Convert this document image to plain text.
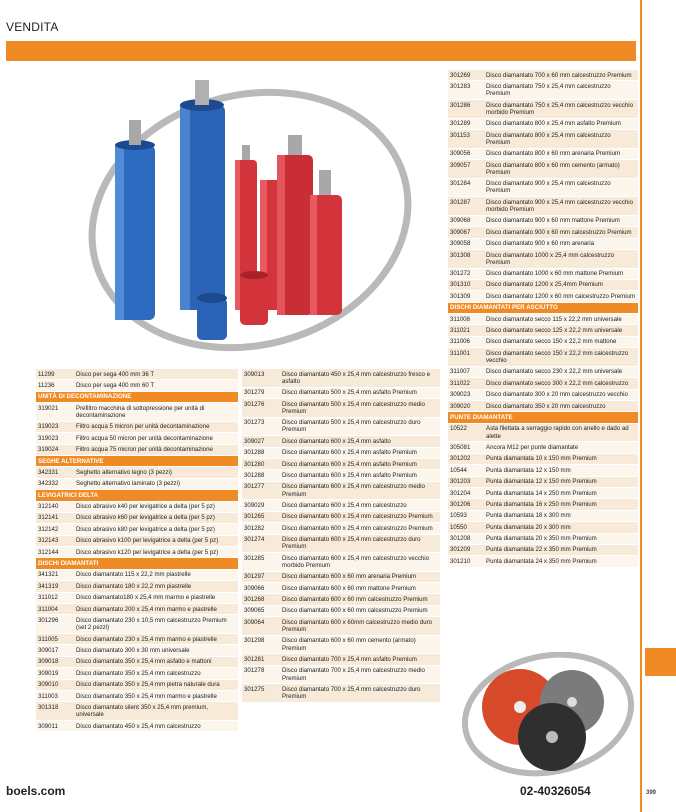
VENDITA
11299	Disco per sega 400 mm 36 T
11236	Disco per sega 400 mm 60 T
UNITÀ DI DECONTAMINAZIONE
319021	Prefiltro macchina di sottopressione per unità di decontaminazione
319023	Filtro acqua 5 micron per unità decontaminazione
319023	Filtro acqua 50 micron per unità decontaminazione
319024	Filtro acqua 75 micron per unità decontaminazione
SEGHE ALTERNATIVE
342331	Seghetto alternativo legno (3 pezzi)
342332	Seghetto alternativo laminato (3 pezzi)
LEVIGATRICI DELTA
312140	Disco abrasivo k40 per levigatrice a delta (per 5 pz)
312141	Disco abrasivo k60 per levigatrice a delta (per 5 pz)
312142	Disco abrasivo k80 per levigatrice a delta (per 5 pz)
312143	Disco abrasivo k100 per levigatrice a delta (per 5 pz)
312144	Disco abrasivo k120 per levigatrice a delta (per 5 pz)
DISCHI DIAMANTATI
341321	Disco diamantato 115 x 22,2 mm piastrelle
341319	Disco diamantato 180 x 22,2 mm piastrelle
311012	Disco diamantato180 x 25,4 mm marmo e piastrelle
311004	Disco diamantato 200 x 25,4 mm marmo e piastrelle
301296	Disco diamantato 230 x 10,5 mm calcestruzzo Premium (set 2 pezzi)
311005	Disco diamantato 230 x 25,4 mm marmo e piastrelle
309017	Disco diamantato 300 x 30 mm universale
309018	Disco diamantato 350 x 25,4 mm asfalto e mattoni
309019	Disco diamantato 350 x 25,4 mm calcestruzzo
309010	Disco diamantato 350 x 25,4 mm pietra naturale dura
311003	Disco diamantato 350 x 25,4 mm marmo e piastrelle
301318	Disco diamantato silent 350 x 25,4 mm premium, universale
309011	Disco diamantato 450 x 25,4 mm calcestruzzo
309013	Disco diamantato 450 x 25,4 mm calcestruzzo fresco e asfalto
301279	Disco diamantato 500 x 25,4 mm asfalto Premium
301276	Disco diamantato 500 x 25,4 mm calcestruzzo medio Premium
301273	Disco diamantato 500 x 25,4 mm calcestruzzo duro Premium
309027	Disco diamantato 600 x 25,4 mm asfalto
301288	Disco diamantato 600 x 25,4 mm asfalto Premium
301280	Disco diamantato 600 x 25,4 mm asfalto Premium
301288	Disco diamantato 600 x 25,4 mm asfalto Premium
301277	Disco diamantato 600 x 25,4 mm calcestruzzo medio Premium
309029	Disco diamantato 600 x 25,4 mm calcestruzzo
301265	Disco diamantato 600 x 25,4 mm calcestruzzo Premium
301282	Disco diamantato 600 x 25,4 mm calcestruzzo Premium
301274	Disco diamantato 600 x 25,4 mm calcestruzzo duro Premium
301285	Disco diamantato 600 x 25,4 mm calcestruzzo vecchio morbido Premium
301297	Disco diamantato 600 x 60 mm arenaria Premium
309066	Disco diamantato 600 x 60 mm mattone Premium
301268	Disco diamantato 600 x 60 mm calcestruzzo Premium
309065	Disco diamantato 600 x 60 mm calcestruzzo Premium
309064	Disco diamantato 600 x 60mm calcestruzzo medio duro Premium
301298	Disco diamantato 600 x 60 mm cemento (armato) Premium
301281	Disco diamantato 700 x 25,4 mm asfalto Premium
301278	Disco diamantato 700 x 25,4 mm calcestruzzo medio Premium
301275	Disco diamantato 700 x 25,4 mm calcestruzzo duro Premium
301269	Disco diamantato 700 x 60 mm calcestruzzo Premium
301283	Disco diamantato 750 x 25,4 mm calcestruzzo Premium
301286	Disco diamantato 750 x 25,4 mm calcestruzzo vecchio morbido Premium
301289	Disco diamantato 800 x 25,4 mm asfalto Premium
301153	Disco diamantato 800 x 25,4 mm calcestruzzo Premium
309056	Disco diamantato 800 x 60 mm arenaria Premium
309057	Disco diamantato 800 x 60 mm cemento (armato) Premium
301284	Disco diamantato 900 x 25,4 mm calcestruzzo Premium
301287	Disco diamantato 900 x 25,4 mm calcestruzzo vecchio morbido Premium
309068	Disco diamantato 900 x 60 mm mattone Premium
309067	Disco diamantato 900 x 60 mm calcestruzzo Premium
309058	Disco diamantato 900 x 60 mm arenaria
301308	Disco diamantato 1000 x 25,4 mm calcestruzzo Premium
301272	Disco diamantato 1000 x 60 mm mattone Premium
301310	Disco diamantato 1200 x 25,4mm Premium
301309	Disco diamantato 1200 x 60 mm calcestruzzo Premium
DISCHI DIAMANTATI PER ASCIUTTO
311008	Disco diamantato secco 115 x 22,2 mm universale
311021	Disco diamantato secco 125 x 22,2 mm universale
311006	Disco diamantato secco 150 x 22,2 mm mattone
311001	Disco diamantato secco 150 x 22,2 mm calcestruzzo vecchio
311007	Disco diamantato secco 230 x 22,2 mm universale
311022	Disco diamantato secco 300 x 22,2 mm calcestruzzo
309023	Disco diamantato 300 x 20 mm calcestruzzo vecchio
309020	Disco diamantato 350 x 20 mm calcestruzzo
PUNTE DIAMANTATE
10522	Asta filettata a serraggio rapido con anello e dado ad alette
305081	Ancora M12 per punte diamantate
301202	Punta diamantata 10 x 150 mm Premium
10544	Punta diamantata 12 x 150 mm
301203	Punta diamantata 12 x 150 mm Premium
301204	Punta diamantata 14 x 250 mm Premium
301206	Punta diamantata 16 x 250 mm Premium
10593	Punta diamantata 18 x 300 mm
10550	Punta diamantata 20 x 300 mm
301208	Punta diamantata 20 x 350 mm Premium
301209	Punta diamantata 22 x 350 mm Premium
301210	Punta diamantata 24 x 350 mm Premium
boels.com	02-40326054	399
